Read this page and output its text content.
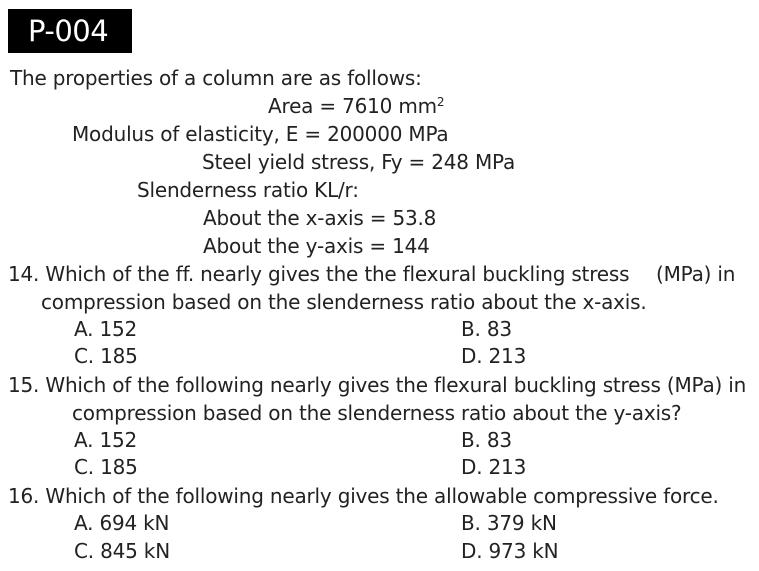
P-004
The properties of a column are as follows:
Area = 7610 $mm^2$
Modulus of elasticity, E = 200000 MPa
Steel yield stress, Fy = 248 MPa
Slenderness ratio KL/r:
About the x-axis = 53.8
About the y-axis = 144
14. Which of the ff. nearly gives the the flexural buckling stress (MPa) in
compression based on the slenderness ratio about the x-axis.
A. 152	B. 83
C. 185	D. 213
15. Which of the following nearly gives the flexural buckling stress (MPa) in
compression based on the slenderness ratio about the y-axis?
A. 152	B. 83
C. 185	D. 213
16. Which of the following nearly gives the allowable compressive force.
A. 694 kN	B. 379 kN
C. 845 kN	D. 973 kN
